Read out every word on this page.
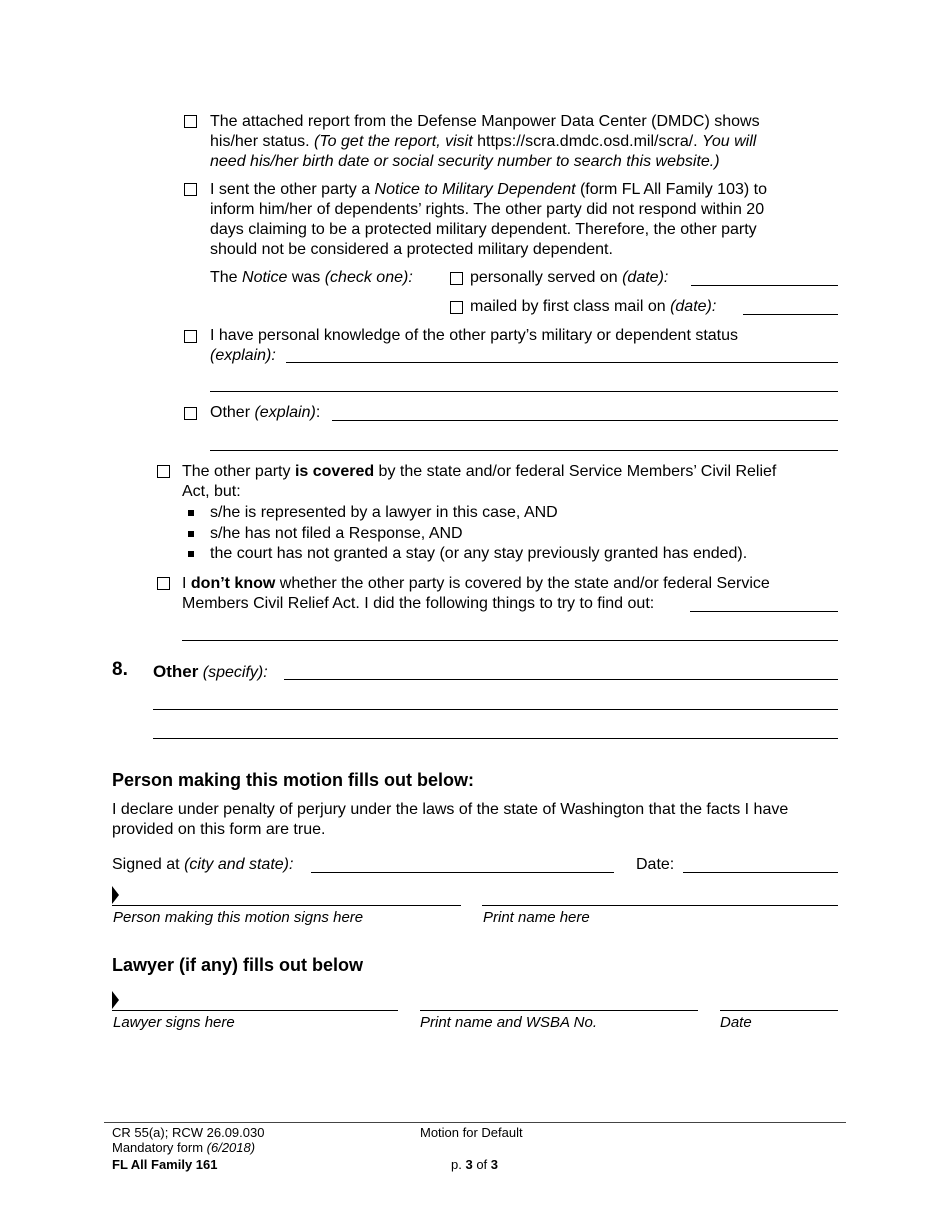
The attached report from the Defense Manpower Data Center (DMDC) shows
his/her status. (To get the report, visit https://scra.dmdc.osd.mil/scra/. You will
need his/her birth date or social security number to search this website.)
I sent the other party a Notice to Military Dependent (form FL All Family 103) to
inform him/her of dependents’ rights. The other party did not respond within 20
days claiming to be a protected military dependent. Therefore, the other party
should not be considered a protected military dependent.
The Notice was (check one):	personally served on (date):
mailed by first class mail on (date):
I have personal knowledge of the other party’s military or dependent status
(explain):
Other (explain):
The other party is covered by the state and/or federal Service Members’ Civil Relief
Act, but:
s/he is represented by a lawyer in this case, AND
s/he has not filed a Response, AND
the court has not granted a stay (or any stay previously granted has ended).
I don’t know whether the other party is covered by the state and/or federal Service
Members Civil Relief Act. I did the following things to try to find out:
8. Other (specify):
Person making this motion fills out below:
I declare under penalty of perjury under the laws of the state of Washington that the facts I have
provided on this form are true.
Signed at (city and state):	Date:
Person making this motion signs here	Print name here
Lawyer (if any) fills out below
Lawyer signs here	Print name and WSBA No.	Date
CR 55(a); RCW 26.09.030
Mandatory form (6/2018)
FL All Family 161
Motion for Default
p. 3 of 3
